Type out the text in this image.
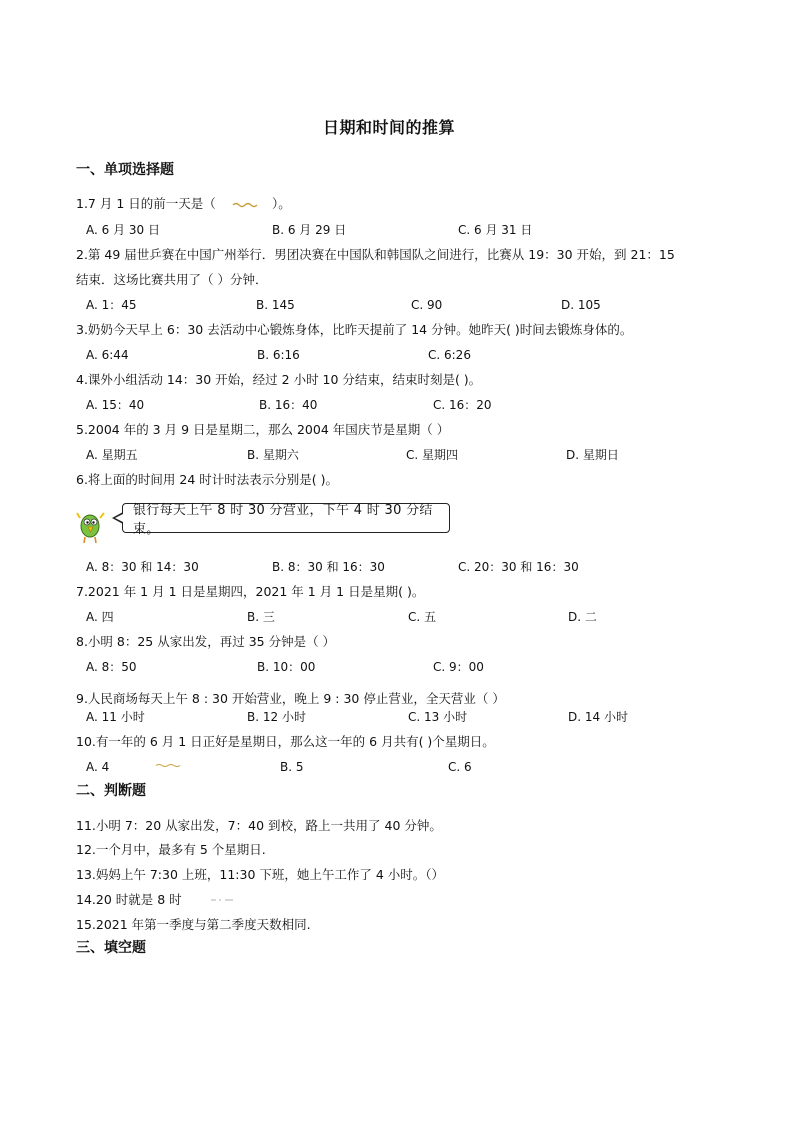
日期和时间的推算
一、单项选择题
1.7 月 1 日的前一天是（	）。
A. 6 月 30 日	B. 6 月 29 日	C. 6 月 31 日
2.第 49 届世乒赛在中国广州举行．男团决赛在中国队和韩国队之间进行，比赛从 19：30 开始，到 21：15
结束．这场比赛共用了（ ）分钟．
A. 1：45	B. 145	C. 90	D. 105
3.奶奶今天早上 6：30 去活动中心锻炼身体，比昨天提前了 14 分钟。她昨天( )时间去锻炼身体的。
A. 6:44	B. 6:16	C. 6:26
4.课外小组活动 14：30 开始，经过 2 小时 10 分结束，结束时刻是( )。
A. 15：40	B. 16：40	C. 16：20
5.2004 年的 3 月 9 日是星期二，那么 2004 年国庆节是星期（ ）
A. 星期五	B. 星期六	C. 星期四	D. 星期日
6.将上面的时间用 24 时计时法表示分别是( )。
银行每天上午 8 时 30 分营业，下午 4 时 30 分结束。
A. 8：30 和 14：30	B. 8：30 和 16：30	C. 20：30 和 16：30
7.2021 年 1 月 1 日是星期四，2021 年 1 月 1 日是星期( )。
A. 四	B. 三	C. 五	D. 二
8.小明 8：25 从家出发，再过 35 分钟是（ ）
A. 8：50	B. 10：00	C. 9：00
9.人民商场每天上午 8 : 30 开始营业，晚上 9 : 30 停止营业，全天营业（ ）
A. 11 小时	B. 12 小时	C. 13 小时	D. 14 小时
10.有一年的 6 月 1 日正好是星期日，那么这一年的 6 月共有( )个星期日。
A. 4	B. 5	C. 6
二、判断题
11.小明 7：20 从家出发，7：40 到校，路上一共用了 40 分钟。
12.一个月中，最多有 5 个星期日.
13.妈妈上午 7:30 上班，11:30 下班，她上午工作了 4 小时。（）
14.20 时就是 8 时
15.2021 年第一季度与第二季度天数相同.
三、填空题
